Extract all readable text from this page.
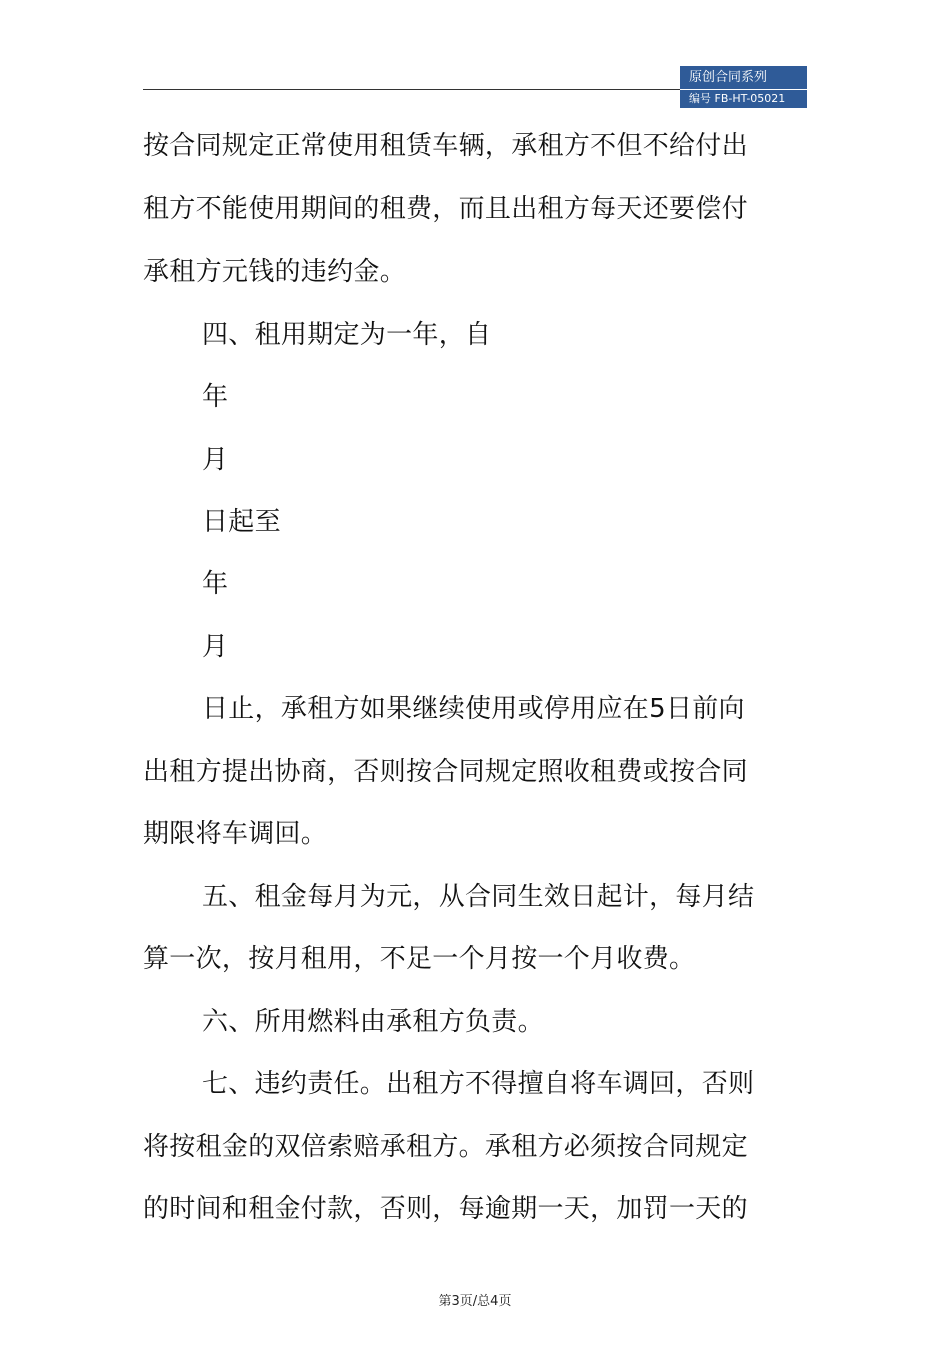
原创合同系列
编号 FB-HT-05021
按合同规定正常使用租赁车辆，承租方不但不给付出
租方不能使用期间的租费，而且出租方每天还要偿付
承租方元钱的违约金。
四、租用期定为一年，自
年
月
日起至
年
月
日止，承租方如果继续使用或停用应在5日前向
出租方提出协商，否则按合同规定照收租费或按合同
期限将车调回。
五、租金每月为元，从合同生效日起计，每月结
算一次，按月租用，不足一个月按一个月收费。
六、所用燃料由承租方负责。
七、违约责任。出租方不得擅自将车调回，否则
将按租金的双倍索赔承租方。承租方必须按合同规定
的时间和租金付款，否则，每逾期一天，加罚一天的
第3页/总4页
